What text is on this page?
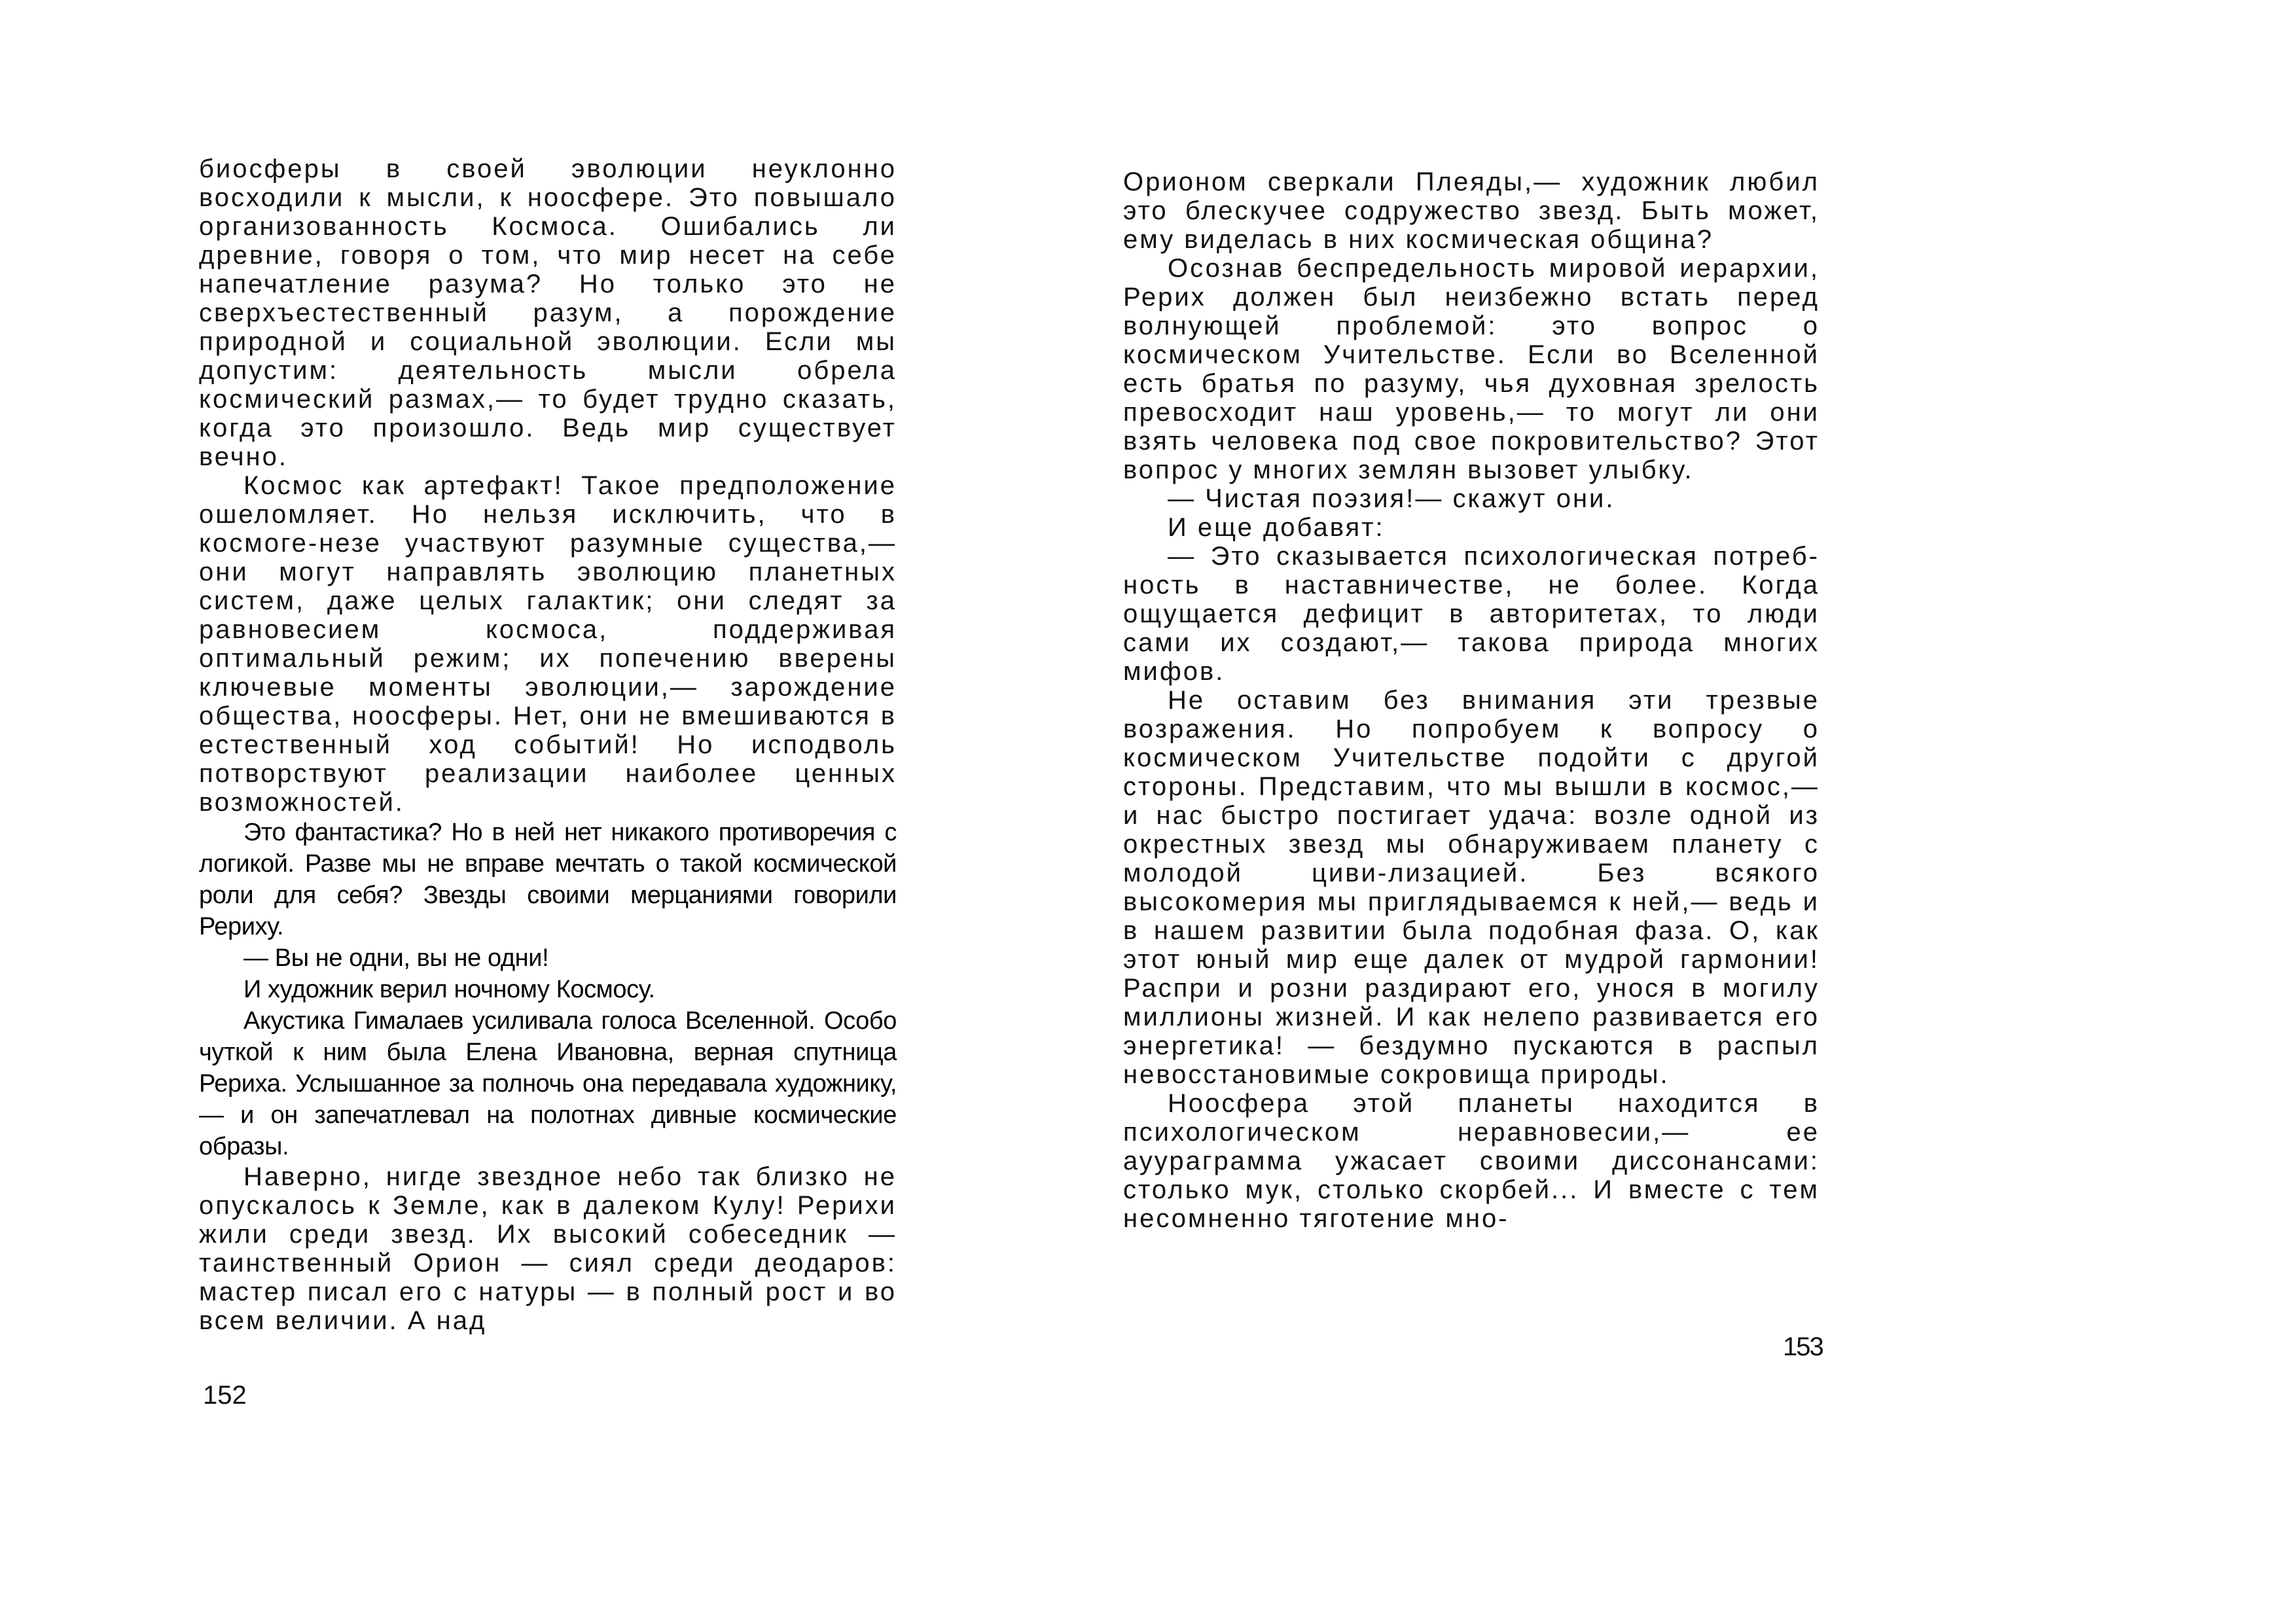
биосферы в своей эволюции неуклонно восходили к мысли, к ноосфере. Это повышало организованность Космоса. Ошибались ли древние, говоря о том, что мир несет на себе напечатление разума? Но только это не сверхъестественный разум, а порождение природной и социальной эволюции. Если мы допустим: деятельность мысли обрела космический размах,— то будет трудно сказать, когда это произошло. Ведь мир существует вечно.

Космос как артефакт! Такое предположение ошеломляет. Но нельзя исключить, что в космоге-незе участвуют разумные существа,— они могут направлять эволюцию планетных систем, даже целых галактик; они следят за равновесием космоса, поддерживая оптимальный режим; их попечению вверены ключевые моменты эволюции,— зарождение общества, ноосферы. Нет, они не вмешиваются в естественный ход событий! Но исподволь потворствуют реализации наиболее ценных возможностей.

Это фантастика? Но в ней нет никакого противоречия с логикой. Разве мы не вправе мечтать о такой космической роли для себя? Звезды своими мерцаниями говорили Рериху.

— Вы не одни, вы не одни!

И художник верил ночному Космосу.

Акустика Гималаев усиливала голоса Вселенной. Особо чуткой к ним была Елена Ивановна, верная спутница Рериха. Услышанное за полночь она передавала художнику,— и он запечатлевал на полотнах дивные космические образы.

Наверно, нигде звездное небо так близко не опускалось к Земле, как в далеком Кулу! Рерихи жили среди звезд. Их высокий собеседник — таинственный Орион — сиял среди деодаров: мастер писал его с натуры — в полный рост и во всем величии. А над

152

Орионом сверкали Плеяды,— художник любил это блескучее содружество звезд. Быть может, ему виделась в них космическая община?

Осознав беспредельность мировой иерархии, Рерих должен был неизбежно встать перед волнующей проблемой: это вопрос о космическом Учительстве. Если во Вселенной есть братья по разуму, чья духовная зрелость превосходит наш уровень,— то могут ли они взять человека под свое покровительство? Этот вопрос у многих землян вызовет улыбку.

— Чистая поэзия!— скажут они.

И еще добавят:

— Это сказывается психологическая потреб-ность в наставничестве, не более. Когда ощущается дефицит в авторитетах, то люди сами их создают,— такова природа многих мифов.

Не оставим без внимания эти трезвые возражения. Но попробуем к вопросу о космическом Учительстве подойти с другой стороны. Представим, что мы вышли в космос,— и нас быстро постигает удача: возле одной из окрестных звезд мы обнаруживаем планету с молодой циви-лизацией. Без всякого высокомерия мы приглядываемся к ней,— ведь и в нашем развитии была подобная фаза. О, как этот юный мир еще далек от мудрой гармонии! Распри и розни раздирают его, унося в могилу миллионы жизней. И как нелепо развивается его энергетика! — бездумно пускаются в распыл невосстановимые сокровища природы.

Ноосфера этой планеты находится в психологическом неравновесии,— ее ауураграмма ужасает своими диссонансами: столько мук, столько скорбей... И вместе с тем несомненно тяготение мно-

153
